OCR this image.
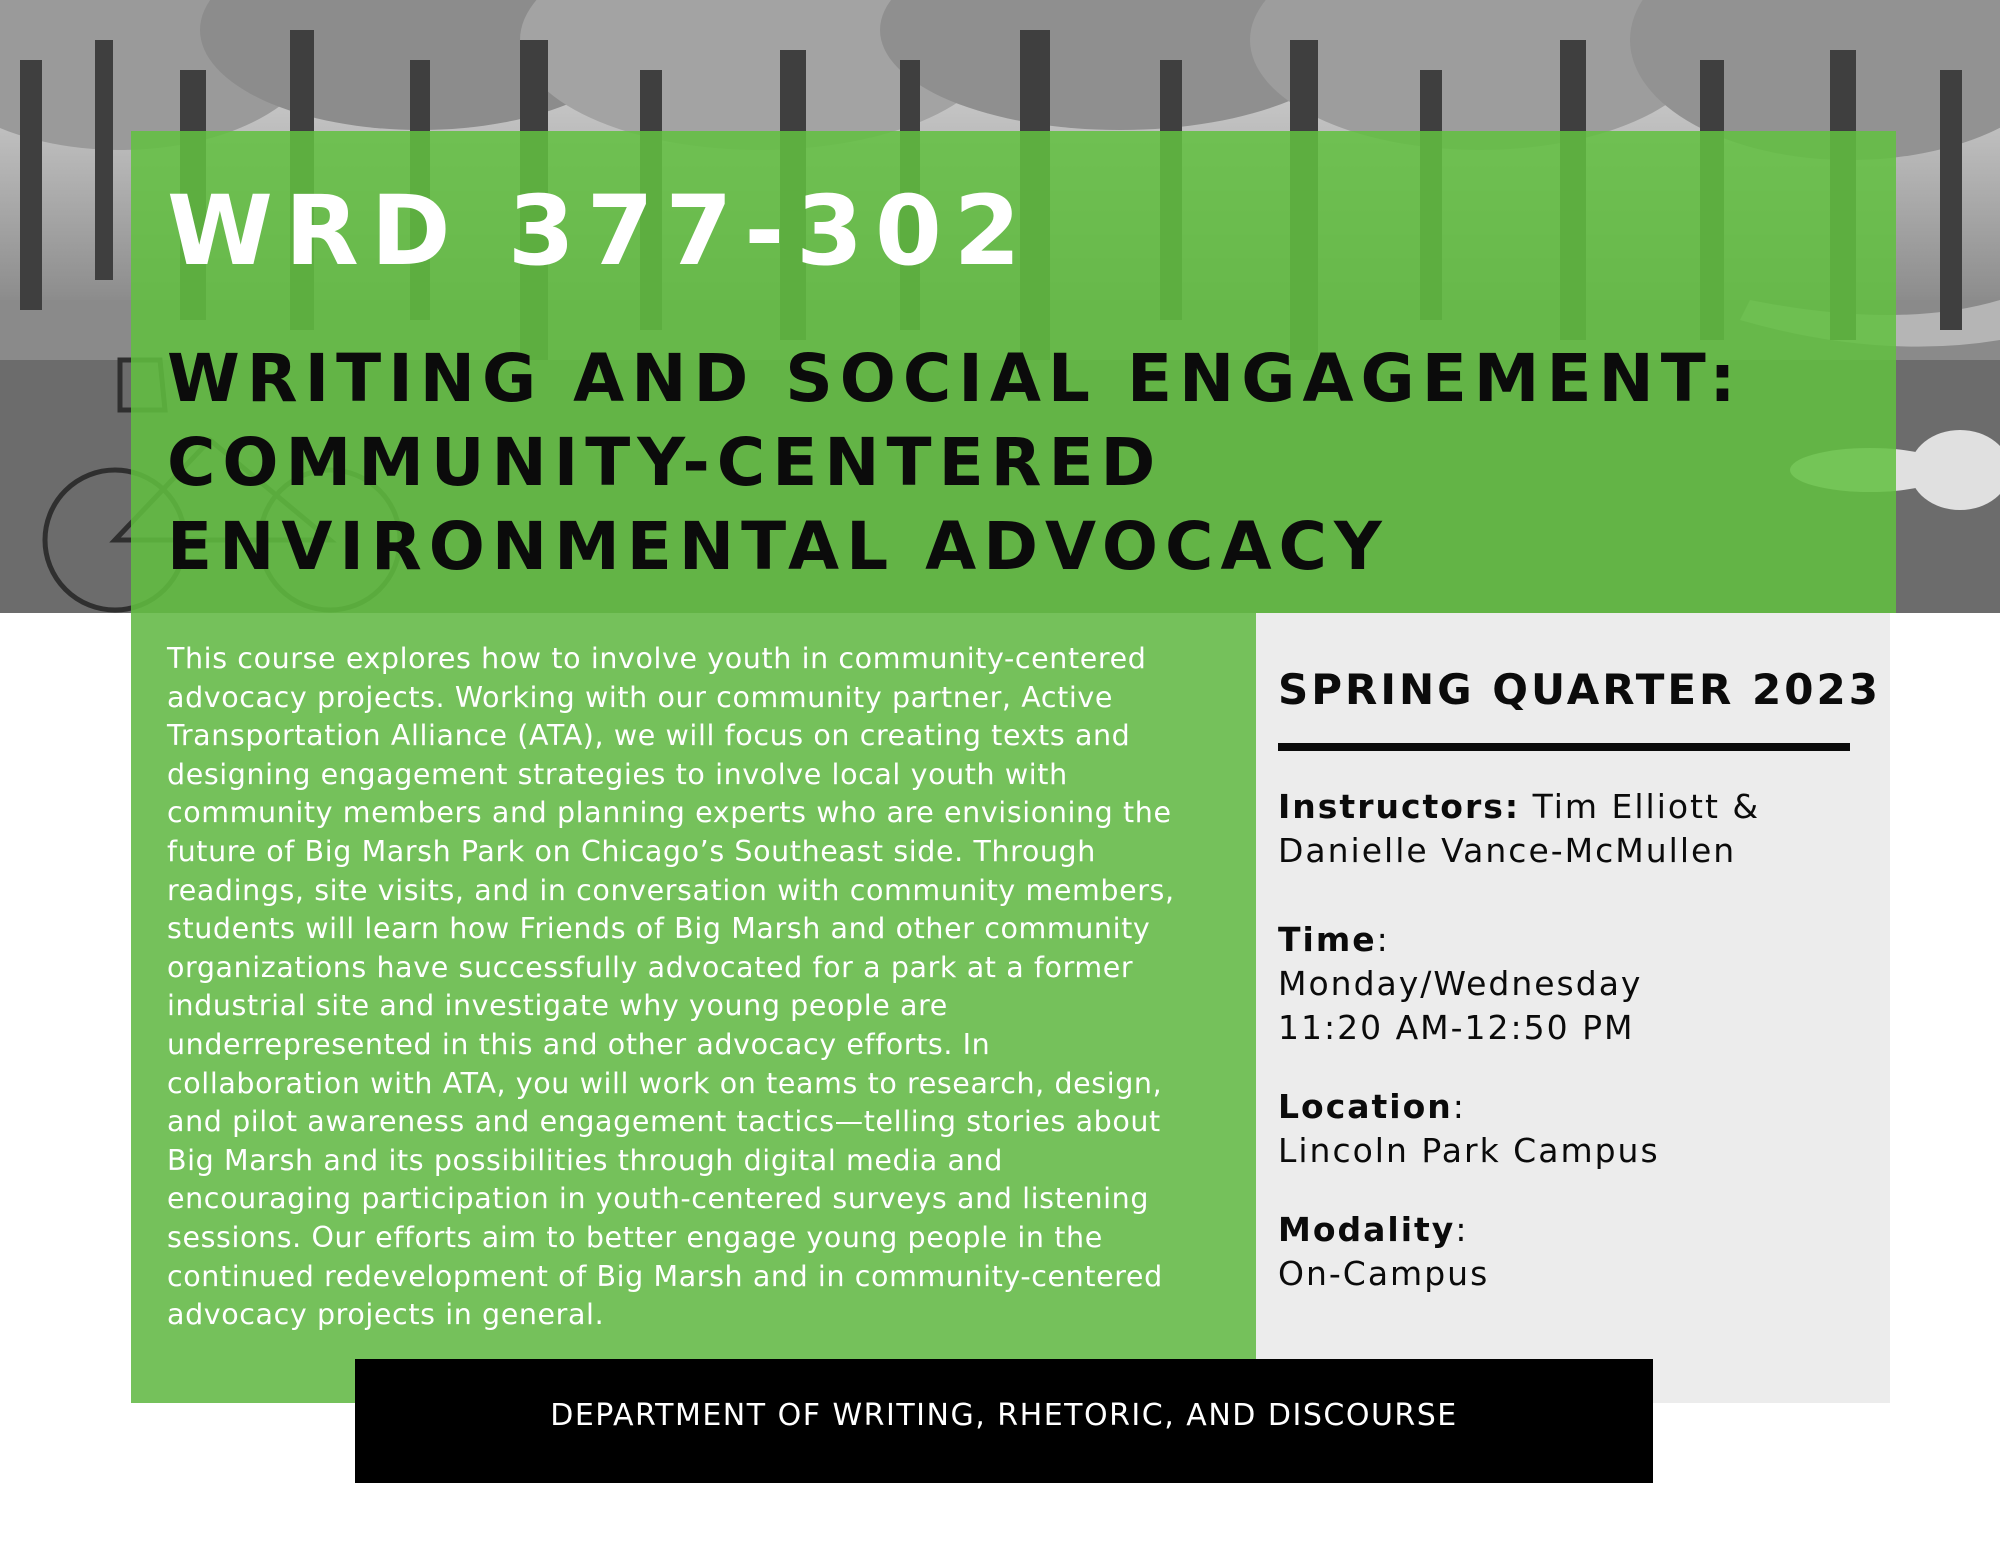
WRD 377-302
WRITING AND SOCIAL ENGAGEMENT:
COMMUNITY-CENTERED
ENVIRONMENTAL ADVOCACY

This course explores how to involve youth in community-centered
advocacy projects. Working with our community partner, Active
Transportation Alliance (ATA), we will focus on creating texts and
designing engagement strategies to involve local youth with
community members and planning experts who are envisioning the
future of Big Marsh Park on Chicago’s Southeast side. Through
readings, site visits, and in conversation with community members,
students will learn how Friends of Big Marsh and other community
organizations have successfully advocated for a park at a former
industrial site and investigate why young people are
underrepresented in this and other advocacy efforts. In
collaboration with ATA, you will work on teams to research, design,
and pilot awareness and engagement tactics—telling stories about
Big Marsh and its possibilities through digital media and
encouraging participation in youth-centered surveys and listening
sessions. Our efforts aim to better engage young people in the
continued redevelopment of Big Marsh and in community-centered
advocacy projects in general.

SPRING QUARTER 2023

Instructors: Tim Elliott &
Danielle Vance-McMullen

Time:
Monday/Wednesday
11:20 AM-12:50 PM

Location:
Lincoln Park Campus

Modality:
On-Campus

DEPARTMENT OF WRITING, RHETORIC, AND DISCOURSE
